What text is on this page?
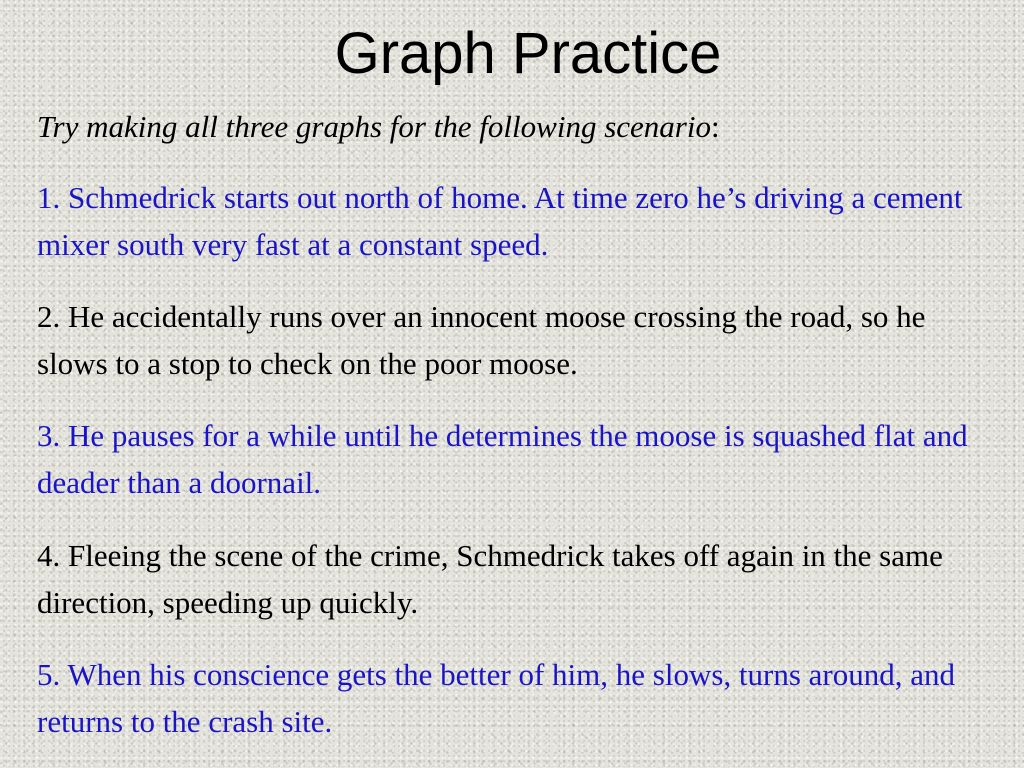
Graph Practice

Try making all three graphs for the following scenario:

1. Schmedrick starts out north of home. At time zero he’s driving a cement mixer south very fast at a constant speed.

2. He accidentally runs over an innocent moose crossing the road, so he slows to a stop to check on the poor moose.

3. He pauses for a while until he determines the moose is squashed flat and deader than a doornail.

4. Fleeing the scene of the crime, Schmedrick takes off again in the same direction, speeding up quickly.

5. When his conscience gets the better of him, he slows, turns around, and returns to the crash site.
